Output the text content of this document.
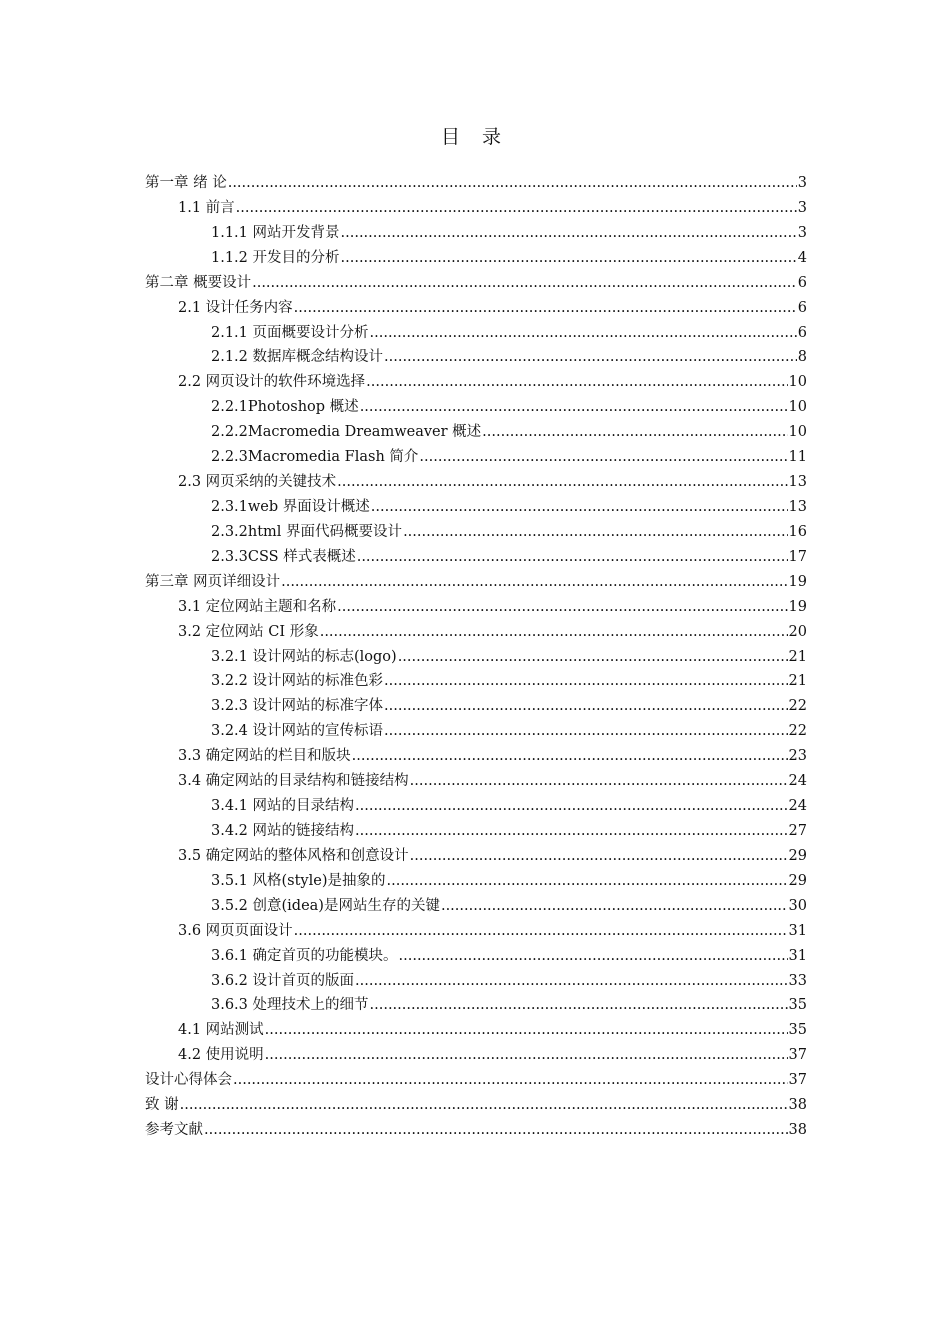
目 录
第一章 绪 论 .....	3
1.1 前言 .....	3
1.1.1 网站开发背景 .....	3
1.1.2 开发目的分析 .....	4
第二章 概要设计 .....	6
2.1 设计任务内容 .....	6
2.1.1 页面概要设计分析 .....	6
2.1.2 数据库概念结构设计 .....	8
2.2 网页设计的软件环境选择 .....	10
2.2.1Photoshop 概述 .....	10
2.2.2Macromedia Dreamweaver 概述 .....	10
2.2.3Macromedia Flash 简介 .....	11
2.3 网页采纳的关键技术 .....	13
2.3.1web 界面设计概述 .....	13
2.3.2html 界面代码概要设计 .....	16
2.3.3CSS 样式表概述 .....	17
第三章 网页详细设计 .....	19
3.1 定位网站主题和名称 .....	19
3.2 定位网站 CI 形象 .....	20
3.2.1 设计网站的标志(logo) .....	21
3.2.2 设计网站的标准色彩 .....	21
3.2.3 设计网站的标准字体 .....	22
3.2.4 设计网站的宣传标语 .....	22
3.3 确定网站的栏目和版块 .....	23
3.4 确定网站的目录结构和链接结构 .....	24
3.4.1 网站的目录结构 .....	24
3.4.2 网站的链接结构 .....	27
3.5 确定网站的整体风格和创意设计 .....	29
3.5.1 风格(style)是抽象的 .....	29
3.5.2 创意(idea)是网站生存的关键 .....	30
3.6 网页页面设计 .....	31
3.6.1 确定首页的功能模块。 .....	31
3.6.2 设计首页的版面 .....	33
3.6.3 处理技术上的细节 .....	35
4.1 网站测试 .....	35
4.2 使用说明 .....	37
设计心得体会 .....	37
致 谢 .....	38
参考文献 .....	38
